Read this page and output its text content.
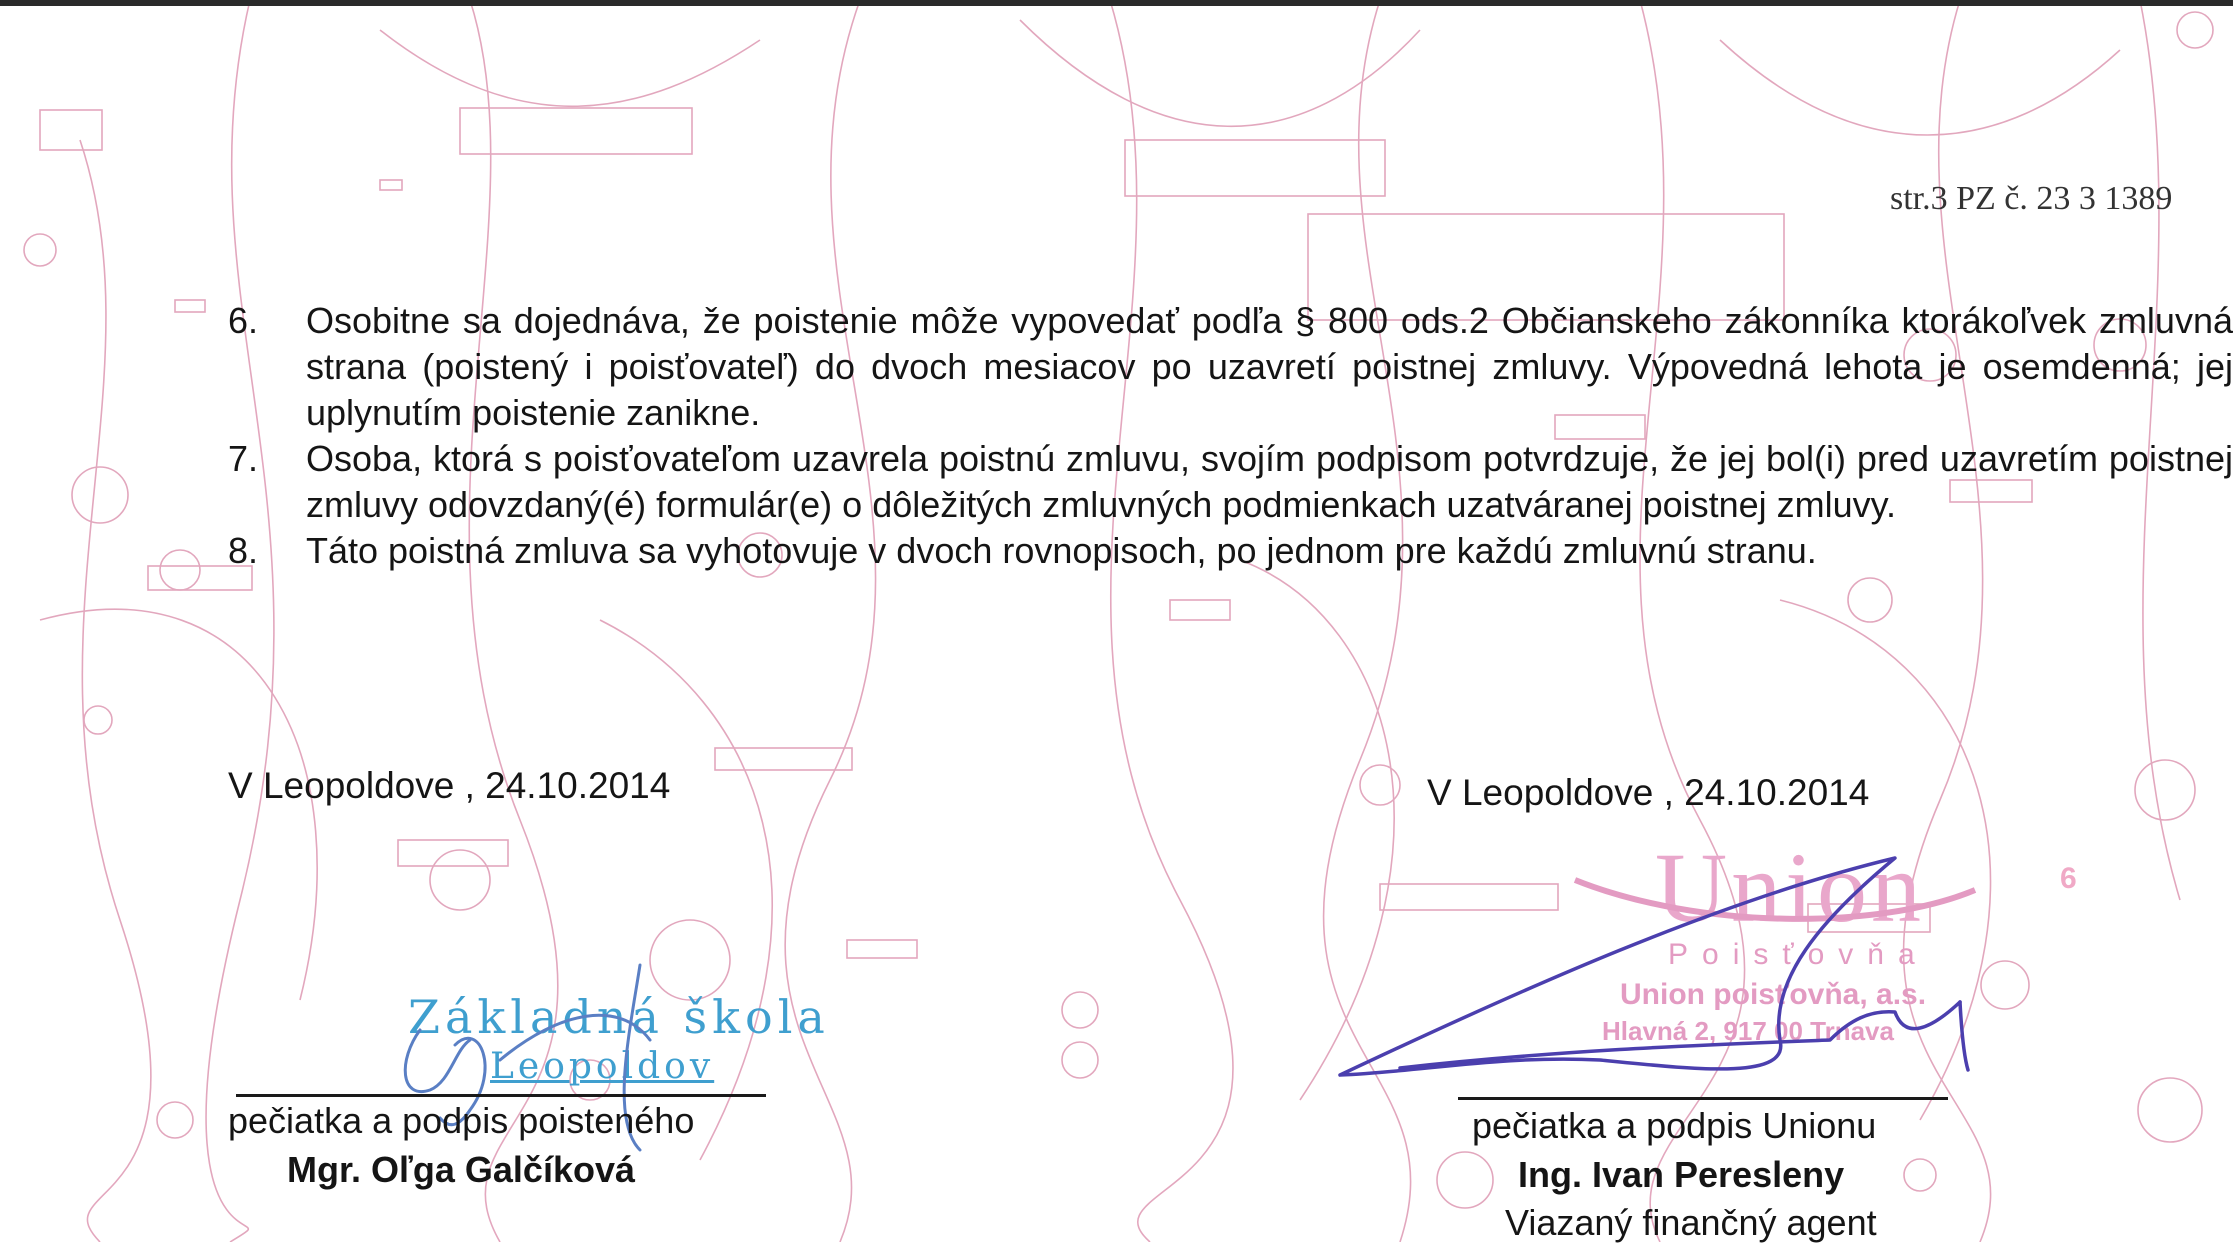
str.3 PZ č. 23 3 1389
6
6. Osobitne sa dojednáva, že poistenie môže vypovedať podľa § 800 ods.2 Občianskeho zákonníka ktorákoľvek zmluvná strana (poistený i poisťovateľ) do dvoch mesiacov po uzavretí poistnej zmluvy. Výpovedná lehota je osemdenná; jej uplynutím poistenie zanikne.
7. Osoba, ktorá s poisťovateľom uzavrela poistnú zmluvu, svojím podpisom potvrdzuje, že jej bol(i) pred uzavretím poistnej zmluvy odovzdaný(é) formulár(e) o dôležitých zmluvných podmienkach uzatváranej poistnej zmluvy.
8. Táto poistná zmluva sa vyhotovuje v dvoch rovnopisoch, po jednom pre každú zmluvnú stranu.
V Leopoldove , 24.10.2014
Základná škola
Leopoldov
pečiatka a podpis poisteného
Mgr. Oľga Galčíková
V Leopoldove , 24.10.2014
Union
Poisťovňa
Union poisťovňa, a.s.
Hlavná 2, 917 00 Trnava
pečiatka a podpis Unionu
Ing. Ivan Peresleny
Viazaný finančný agent
